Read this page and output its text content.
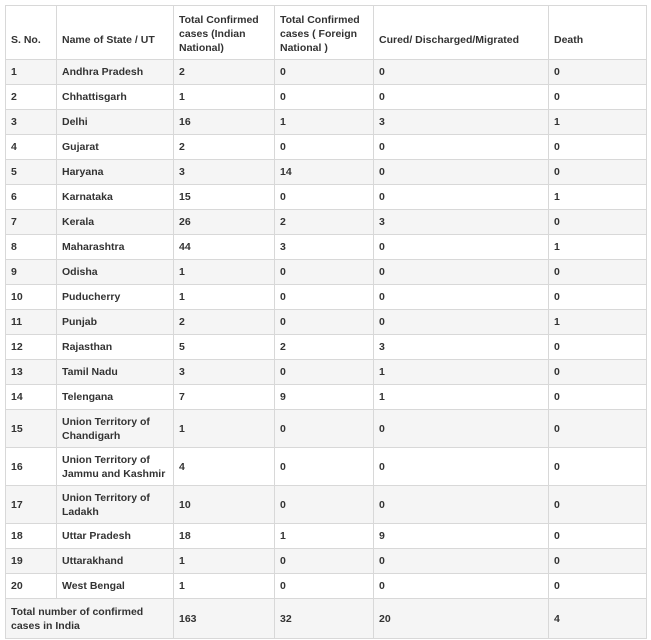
S. No.	Name of State / UT	Total Confirmed cases (Indian National)	Total Confirmed cases ( Foreign National )	Cured/ Discharged/Migrated	Death

1	Andhra Pradesh	2	0	0	0
2	Chhattisgarh	1	0	0	0
3	Delhi	16	1	3	1
4	Gujarat	2	0	0	0
5	Haryana	3	14	0	0
6	Karnataka	15	0	0	1
7	Kerala	26	2	3	0
8	Maharashtra	44	3	0	1
9	Odisha	1	0	0	0
10	Puducherry	1	0	0	0
11	Punjab	2	0	0	1
12	Rajasthan	5	2	3	0
13	Tamil Nadu	3	0	1	0
14	Telengana	7	9	1	0
15	Union Territory of Chandigarh	1	0	0	0
16	Union Territory of Jammu and Kashmir	4	0	0	0
17	Union Territory of Ladakh	10	0	0	0
18	Uttar Pradesh	18	1	9	0
19	Uttarakhand	1	0	0	0
20	West Bengal	1	0	0	0
Total number of confirmed cases in India		163	32	20	4
